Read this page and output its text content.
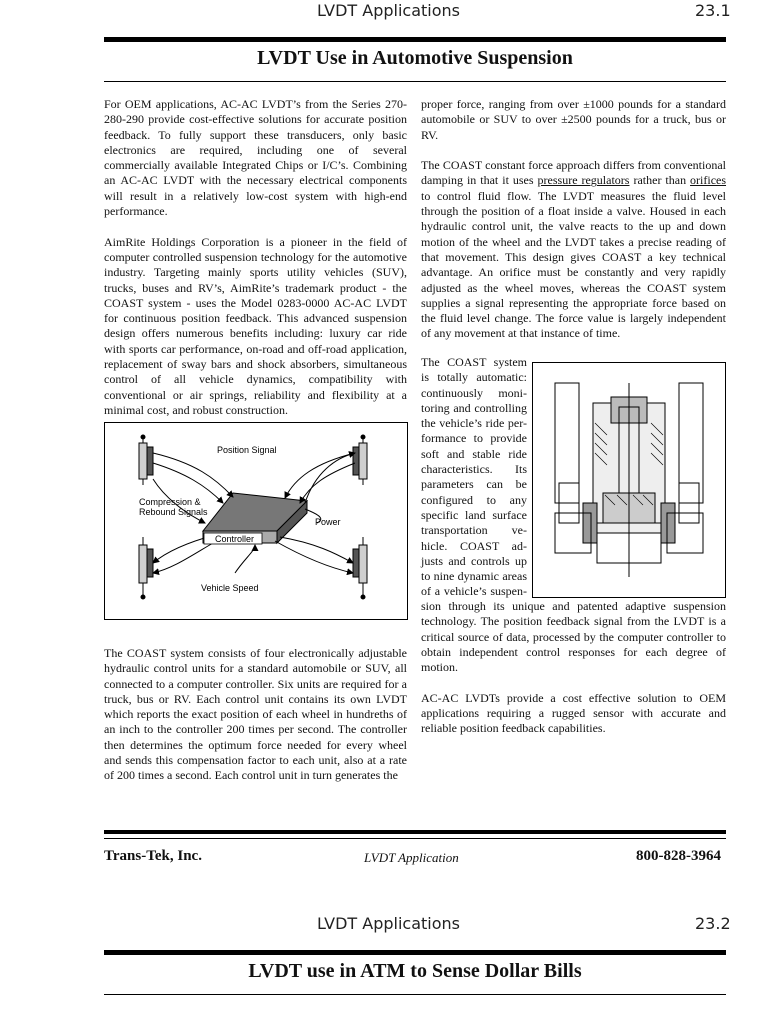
LVDT Applications	23.1
LVDT Use in Automotive Suspension

For OEM applications, AC-AC LVDT’s from the Series 270-280-290 provide cost-effective solutions for accurate position feedback. To fully support these transducers, only basic electronics are required, including one of several commercially available Integrated Chips or I/C’s. Combining an AC-AC LVDT with the necessary electrical components will result in a relatively low-cost system with high-end performance.

AimRite Holdings Corporation is a pioneer in the field of computer controlled suspension technology for the automotive industry. Targeting mainly sports utility vehicles (SUV), trucks, buses and RV’s, AimRite’s trademark product - the COAST system - uses the Model 0283-0000 AC-AC LVDT for continuous position feedback. This advanced suspension design offers numerous benefits including: luxury car ride with sports car performance, on-road and off-road application, replacement of sway bars and shock absorbers, simultaneous control of all vehicle dynamics, compatibility with conventional or air springs, reliability and flexibility at a minimal cost, and robust construction.

Position Signal
Compression &
Rebound Signals
Power
Controller
Vehicle Speed

The COAST system consists of four electronically adjustable hydraulic control units for a standard automobile or SUV, all connected to a computer controller. Six units are required for a truck, bus or RV. Each control unit contains its own LVDT which reports the exact position of each wheel in hundreths of an inch to the controller 200 times per second. The controller then determines the optimum force needed for every wheel and sends this compensation factor to each unit, also at a rate of 200 times a second. Each control unit in turn generates the

proper force, ranging from over ±1000 pounds for a standard automobile or SUV to over ±2500 pounds for a truck, bus or RV.

The COAST constant force approach differs from conventional damping in that it uses pressure regulators rather than orifices to control fluid flow. The LVDT measures the fluid level through the position of a float inside a valve. Housed in each hydraulic control unit, the valve reacts to the up and down motion of the wheel and the LVDT takes a precise reading of that movement. This design gives COAST a key technical advantage. An orifice must be constantly and very rapidly adjusted as the wheel moves, whereas the COAST system supplies a signal representing the appropriate force based on the fluid level change. The force value is largely independent of any movement at that instance of time.

The COAST system
is totally automatic:
continuously moni-
toring and controlling
the vehicle’s ride per-
formance to provide
soft and stable ride
characteristics. Its
parameters can be
configured to any
specific land surface
transportation ve-
hicle. COAST ad-
justs and controls up
to nine dynamic areas
of a vehicle’s suspen-

sion through its unique and patented adaptive suspension technology. The position feedback signal from the LVDT is a critical source of data, processed by the computer controller to obtain independent control responses for each degree of motion.

AC-AC LVDTs provide a cost effective solution to OEM applications requiring a rugged sensor with accurate and reliable position feedback capabilities.

Trans-Tek, Inc.	LVDT Application	800-828-3964
LVDT Applications	23.2
LVDT use in ATM to Sense Dollar Bills
